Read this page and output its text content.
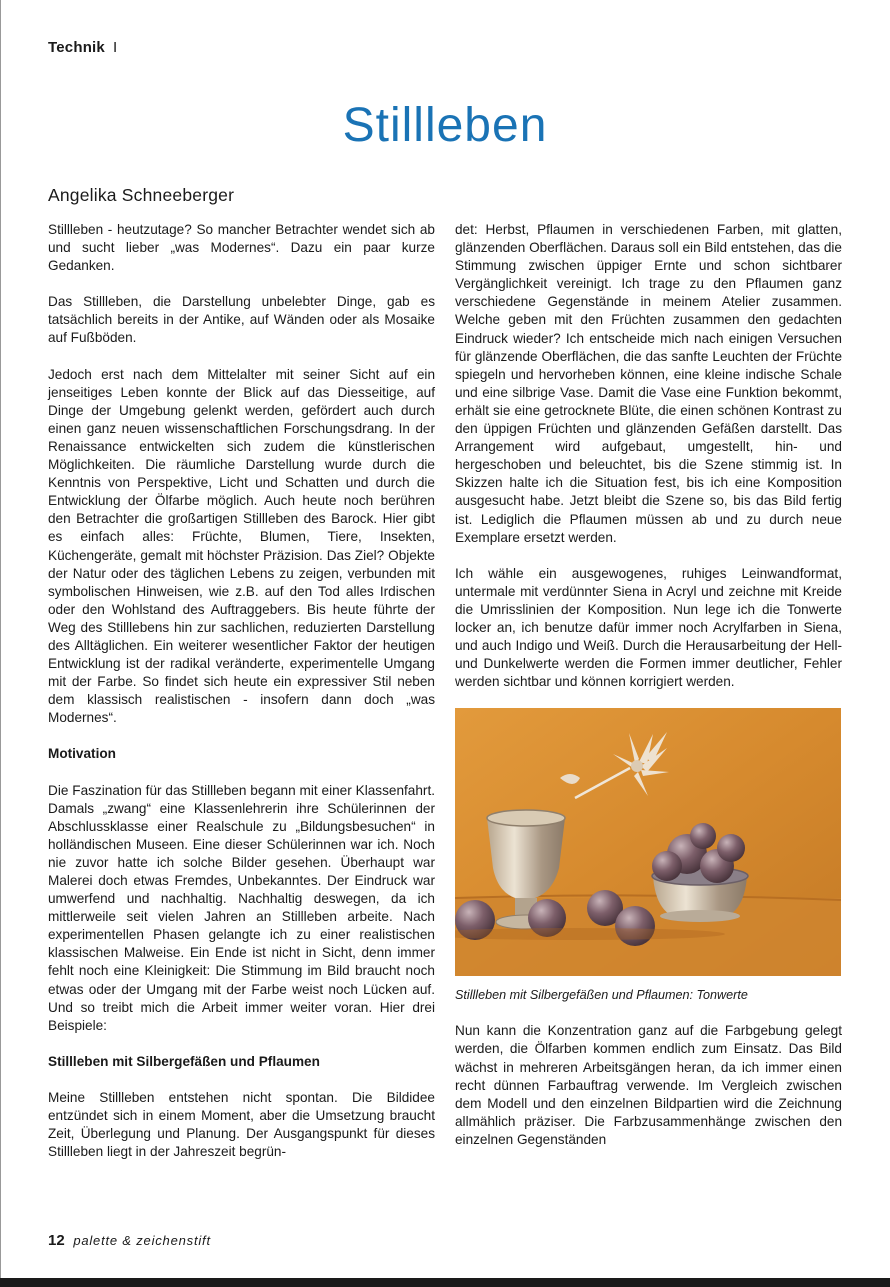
Technik I
Stillleben
Angelika Schneeberger

Stillleben - heutzutage? So mancher Betrachter wendet sich ab und sucht lieber „was Modernes“. Dazu ein paar kurze Gedanken.

Das Stillleben, die Darstellung unbelebter Dinge, gab es tatsächlich bereits in der Antike, auf Wänden oder als Mosaike auf Fußböden.

Jedoch erst nach dem Mittelalter mit seiner Sicht auf ein jenseitiges Leben konnte der Blick auf das Diesseitige, auf Dinge der Umgebung gelenkt werden, gefördert auch durch einen ganz neuen wissenschaftlichen Forschungsdrang. In der Renaissance entwickelten sich zudem die künstlerischen Möglichkeiten. Die räumliche Darstellung wurde durch die Kenntnis von Perspektive, Licht und Schatten und durch die Entwicklung der Ölfarbe möglich. Auch heute noch berühren den Betrachter die großartigen Stillleben des Barock. Hier gibt es einfach alles: Früchte, Blumen, Tiere, Insekten, Küchengeräte, gemalt mit höchster Präzision. Das Ziel? Objekte der Natur oder des täglichen Lebens zu zeigen, verbunden mit symbolischen Hinweisen, wie z.B. auf den Tod alles Irdischen oder den Wohlstand des Auftraggebers. Bis heute führte der Weg des Stilllebens hin zur sachlichen, reduzierten Darstellung des Alltäglichen. Ein weiterer wesentlicher Faktor der heutigen Entwicklung ist der radikal veränderte, experimentelle Umgang mit der Farbe. So findet sich heute ein expressiver Stil neben dem klassisch realistischen - insofern dann doch „was Modernes“.

Motivation

Die Faszination für das Stillleben begann mit einer Klassenfahrt. Damals „zwang“ eine Klassenlehrerin ihre Schülerinnen der Abschlussklasse einer Realschule zu „Bildungsbesuchen“ in holländischen Museen. Eine dieser Schülerinnen war ich. Noch nie zuvor hatte ich solche Bilder gesehen. Überhaupt war Malerei doch etwas Fremdes, Unbekanntes. Der Eindruck war umwerfend und nachhaltig. Nachhaltig deswegen, da ich mittlerweile seit vielen Jahren an Stillleben arbeite. Nach experimentellen Phasen gelangte ich zu einer realistischen klassischen Malweise. Ein Ende ist nicht in Sicht, denn immer fehlt noch eine Kleinigkeit: Die Stimmung im Bild braucht noch etwas oder der Umgang mit der Farbe weist noch Lücken auf. Und so treibt mich die Arbeit immer weiter voran. Hier drei Beispiele:

Stillleben mit Silbergefäßen und Pflaumen

Meine Stillleben entstehen nicht spontan. Die Bildidee entzündet sich in einem Moment, aber die Umsetzung braucht Zeit, Überlegung und Planung. Der Ausgangspunkt für dieses Stillleben liegt in der Jahreszeit begrün-

det: Herbst, Pflaumen in verschiedenen Farben, mit glatten, glänzenden Oberflächen. Daraus soll ein Bild entstehen, das die Stimmung zwischen üppiger Ernte und schon sichtbarer Vergänglichkeit vereinigt. Ich trage zu den Pflaumen ganz verschiedene Gegenstände in meinem Atelier zusammen. Welche geben mit den Früchten zusammen den gedachten Eindruck wieder? Ich entscheide mich nach einigen Versuchen für glänzende Oberflächen, die das sanfte Leuchten der Früchte spiegeln und hervorheben können, eine kleine indische Schale und eine silbrige Vase. Damit die Vase eine Funktion bekommt, erhält sie eine getrocknete Blüte, die einen schönen Kontrast zu den üppigen Früchten und glänzenden Gefäßen darstellt. Das Arrangement wird aufgebaut, umgestellt, hin- und hergeschoben und beleuchtet, bis die Szene stimmig ist. In Skizzen halte ich die Situation fest, bis ich eine Komposition ausgesucht habe. Jetzt bleibt die Szene so, bis das Bild fertig ist. Lediglich die Pflaumen müssen ab und zu durch neue Exemplare ersetzt werden.

Ich wähle ein ausgewogenes, ruhiges Leinwandformat, untermale mit verdünnter Siena in Acryl und zeichne mit Kreide die Umrisslinien der Komposition. Nun lege ich die Tonwerte locker an, ich benutze dafür immer noch Acrylfarben in Siena, und auch Indigo und Weiß. Durch die Herausarbeitung der Hell- und Dunkelwerte werden die Formen immer deutlicher, Fehler werden sichtbar und können korrigiert werden.

Stillleben mit Silbergefäßen und Pflaumen: Tonwerte

Nun kann die Konzentration ganz auf die Farbgebung gelegt werden, die Ölfarben kommen endlich zum Einsatz. Das Bild wächst in mehreren Arbeitsgängen heran, da ich immer einen recht dünnen Farbauftrag verwende. Im Vergleich zwischen dem Modell und den einzelnen Bildpartien wird die Zeichnung allmählich präziser. Die Farbzusammenhänge zwischen den einzelnen Gegenständen

12 palette & zeichenstift
